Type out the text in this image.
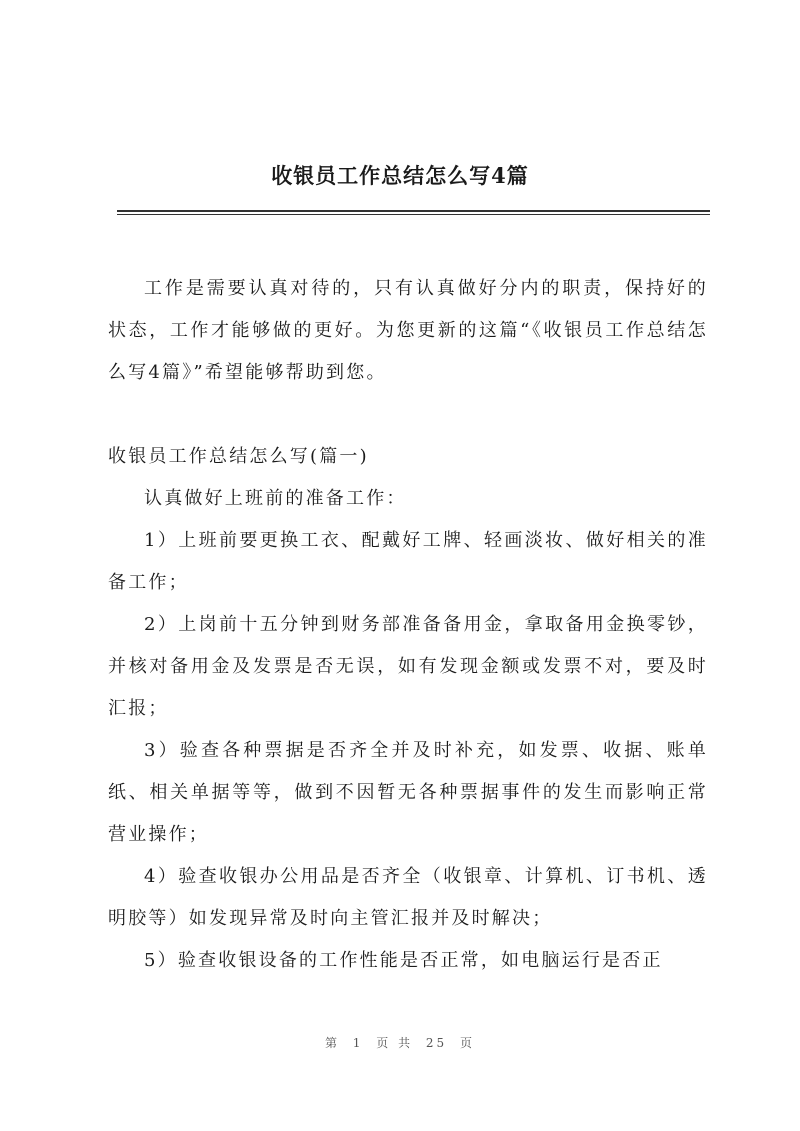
收银员工作总结怎么写4篇

工作是需要认真对待的，只有认真做好分内的职责，保持好的状态，工作才能够做的更好。为您更新的这篇“《收银员工作总结怎么写4篇》”希望能够帮助到您。

收银员工作总结怎么写(篇一)

认真做好上班前的准备工作：

1）上班前要更换工衣、配戴好工牌、轻画淡妆、做好相关的准备工作；

2）上岗前十五分钟到财务部准备备用金，拿取备用金换零钞，并核对备用金及发票是否无误，如有发现金额或发票不对，要及时汇报；

3）验查各种票据是否齐全并及时补充，如发票、收据、账单纸、相关单据等等，做到不因暂无各种票据事件的发生而影响正常营业操作；

4）验查收银办公用品是否齐全（收银章、计算机、订书机、透明胶等）如发现异常及时向主管汇报并及时解决；

5）验查收银设备的工作性能是否正常，如电脑运行是否正

第 1 页 共 25 页
